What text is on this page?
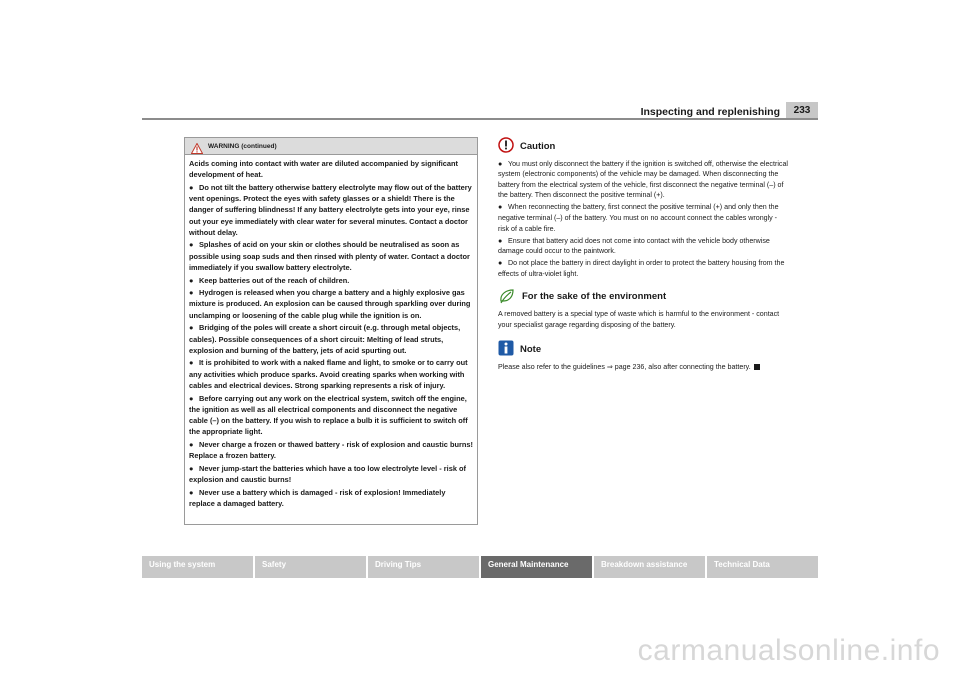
Inspecting and replenishing	233
WARNING (continued)

Acids coming into contact with water are diluted accompanied by significant development of heat.

● Do not tilt the battery otherwise battery electrolyte may flow out of the battery vent openings. Protect the eyes with safety glasses or a shield! There is the danger of suffering blindness! If any battery electrolyte gets into your eye, rinse out your eye immediately with clear water for several minutes. Contact a doctor without delay.

● Splashes of acid on your skin or clothes should be neutralised as soon as possible using soap suds and then rinsed with plenty of water. Contact a doctor immediately if you swallow battery electrolyte.

● Keep batteries out of the reach of children.

● Hydrogen is released when you charge a battery and a highly explosive gas mixture is produced. An explosion can be caused through sparkling over during unclamping or loosening of the cable plug while the ignition is on.

● Bridging of the poles will create a short circuit (e.g. through metal objects, cables). Possible consequences of a short circuit: Melting of lead struts, explosion and burning of the battery, jets of acid spurting out.

● It is prohibited to work with a naked flame and light, to smoke or to carry out any activities which produce sparks. Avoid creating sparks when working with cables and electrical devices. Strong sparking represents a risk of injury.

● Before carrying out any work on the electrical system, switch off the engine, the ignition as well as all electrical components and disconnect the negative cable (–) on the battery. If you wish to replace a bulb it is sufficient to switch off the appropriate light.

● Never charge a frozen or thawed battery - risk of explosion and caustic burns! Replace a frozen battery.

● Never jump-start the batteries which have a too low electrolyte level - risk of explosion and caustic burns!

● Never use a battery which is damaged - risk of explosion! Immediately replace a damaged battery.

Caution

● You must only disconnect the battery if the ignition is switched off, otherwise the electrical system (electronic components) of the vehicle may be damaged. When disconnecting the battery from the electrical system of the vehicle, first disconnect the negative terminal (–) of the battery. Then disconnect the positive terminal (+).

● When reconnecting the battery, first connect the positive terminal (+) and only then the negative terminal (–) of the battery. You must on no account connect the cables wrongly - risk of a cable fire.

● Ensure that battery acid does not come into contact with the vehicle body otherwise damage could occur to the paintwork.

● Do not place the battery in direct daylight in order to protect the battery housing from the effects of ultra-violet light.

For the sake of the environment

A removed battery is a special type of waste which is harmful to the environment - contact your specialist garage regarding disposing of the battery.

Note

Please also refer to the guidelines ⇒ page 236, also after connecting the battery.

Using the system	Safety	Driving Tips	General Maintenance	Breakdown assistance	Technical Data
carmanualsonline.info
